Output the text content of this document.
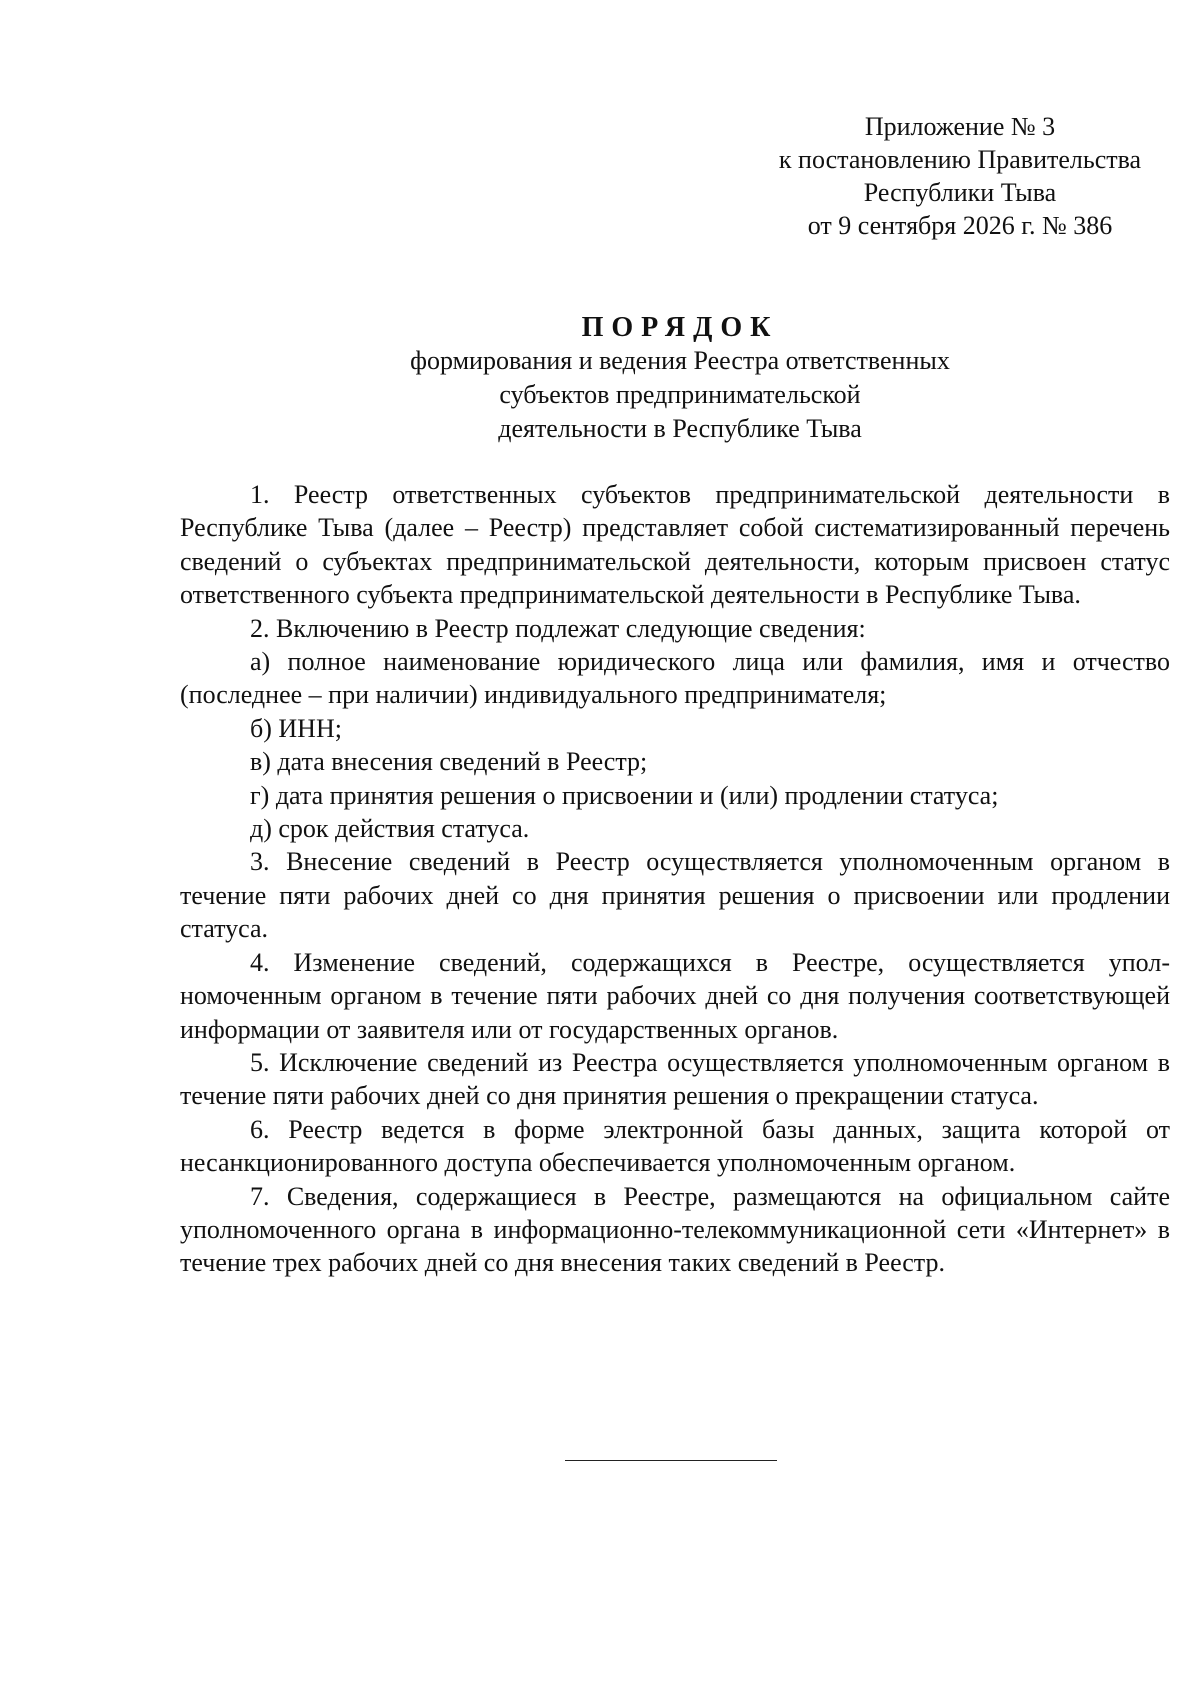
Приложение № 3
к постановлению Правительства
Республики Тыва
от 9 сентября 2026 г. № 386
ПОРЯДОК
формирования и ведения Реестра ответственных
субъектов предпринимательской
деятельности в Республике Тыва

1. Реестр ответственных субъектов предпринимательской деятельности в Республике Тыва (далее – Реестр) представляет собой систематизированный перечень сведений о субъектах предпринимательской деятельности, которым присвоен статус ответственного субъекта предпринимательской деятельности в Республике Тыва.

2. Включению в Реестр подлежат следующие сведения:

а) полное наименование юридического лица или фамилия, имя и отчество (последнее – при наличии) индивидуального предпринимателя;

б) ИНН;

в) дата внесения сведений в Реестр;

г) дата принятия решения о присвоении и (или) продлении статуса;

д) срок действия статуса.

3. Внесение сведений в Реестр осуществляется уполномоченным органом в течение пяти рабочих дней со дня принятия решения о присвоении или продлении статуса.

4. Изменение сведений, содержащихся в Реестре, осуществляется уполномоченным органом в течение пяти рабочих дней со дня получения соответствующей информации от заявителя или от государственных органов.

5. Исключение сведений из Реестра осуществляется уполномоченным органом в течение пяти рабочих дней со дня принятия решения о прекращении статуса.

6. Реестр ведется в форме электронной базы данных, защита которой от несанкционированного доступа обеспечивается уполномоченным органом.

7. Сведения, содержащиеся в Реестре, размещаются на официальном сайте уполномоченного органа в информационно-телекоммуникационной сети «Интернет» в течение трех рабочих дней со дня внесения таких сведений в Реестр.
